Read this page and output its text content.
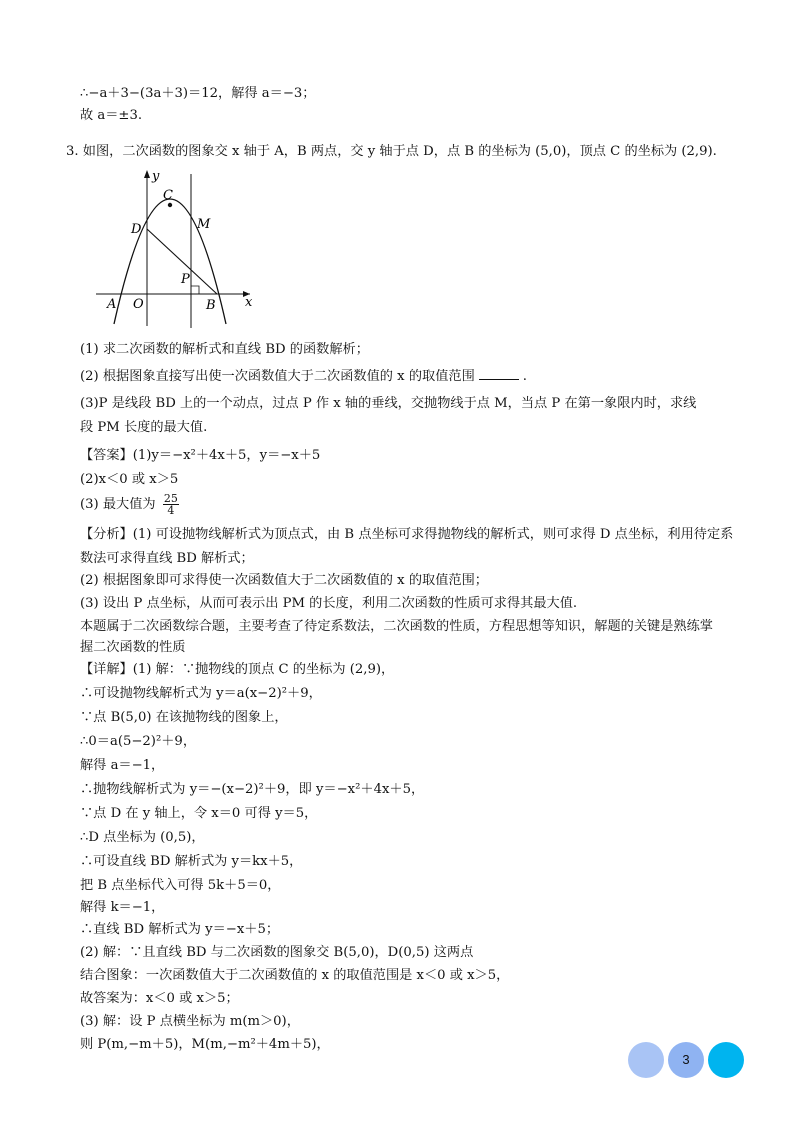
∴−a＋3−(3a＋3)＝12，解得 a＝−3；
故 a＝±3.
3. 如图，二次函数的图象交 x 轴于 A，B 两点，交 y 轴于点 D，点 B 的坐标为 (5,0)，顶点 C 的坐标为 (2,9).
y
x
C
D	M
P
A O	B
(1) 求二次函数的解析式和直线 BD 的函数解析；
(2) 根据图象直接写出使一次函数值大于二次函数值的 x 的取值范围	.
(3)P 是线段 BD 上的一个动点，过点 P 作 x 轴的垂线，交抛物线于点 M，当点 P 在第一象限内时，求线
段 PM 长度的最大值.
【答案】(1)y＝−x²＋4x＋5，y＝−x＋5
(2)x＜0 或 x＞5
(3) 最大值为 $\frac{25}{4}$
【分析】(1) 可设抛物线解析式为顶点式，由 B 点坐标可求得抛物线的解析式，则可求得 D 点坐标，利用待定系
数法可求得直线 BD 解析式；
(2) 根据图象即可求得使一次函数值大于二次函数值的 x 的取值范围；
(3) 设出 P 点坐标，从而可表示出 PM 的长度，利用二次函数的性质可求得其最大值.
本题属于二次函数综合题，主要考查了待定系数法，二次函数的性质，方程思想等知识，解题的关键是熟练掌
握二次函数的性质
【详解】(1) 解：∵抛物线的顶点 C 的坐标为 (2,9)，
∴可设抛物线解析式为 y＝a(x−2)²＋9，
∵点 B(5,0) 在该抛物线的图象上，
∴0＝a(5−2)²＋9，
解得 a＝−1，
∴抛物线解析式为 y＝−(x−2)²＋9，即 y＝−x²＋4x＋5，
∵点 D 在 y 轴上，令 x＝0 可得 y＝5，
∴D 点坐标为 (0,5)，
∴可设直线 BD 解析式为 y＝kx＋5，
把 B 点坐标代入可得 5k＋5＝0，
解得 k＝−1，
∴直线 BD 解析式为 y＝−x＋5；
(2) 解：∵且直线 BD 与二次函数的图象交 B(5,0)，D(0,5) 这两点
结合图象：一次函数值大于二次函数值的 x 的取值范围是 x＜0 或 x＞5，
故答案为：x＜0 或 x＞5；
(3) 解：设 P 点横坐标为 m(m＞0)，
则 P(m,−m＋5)，M(m,−m²＋4m＋5)，
3
